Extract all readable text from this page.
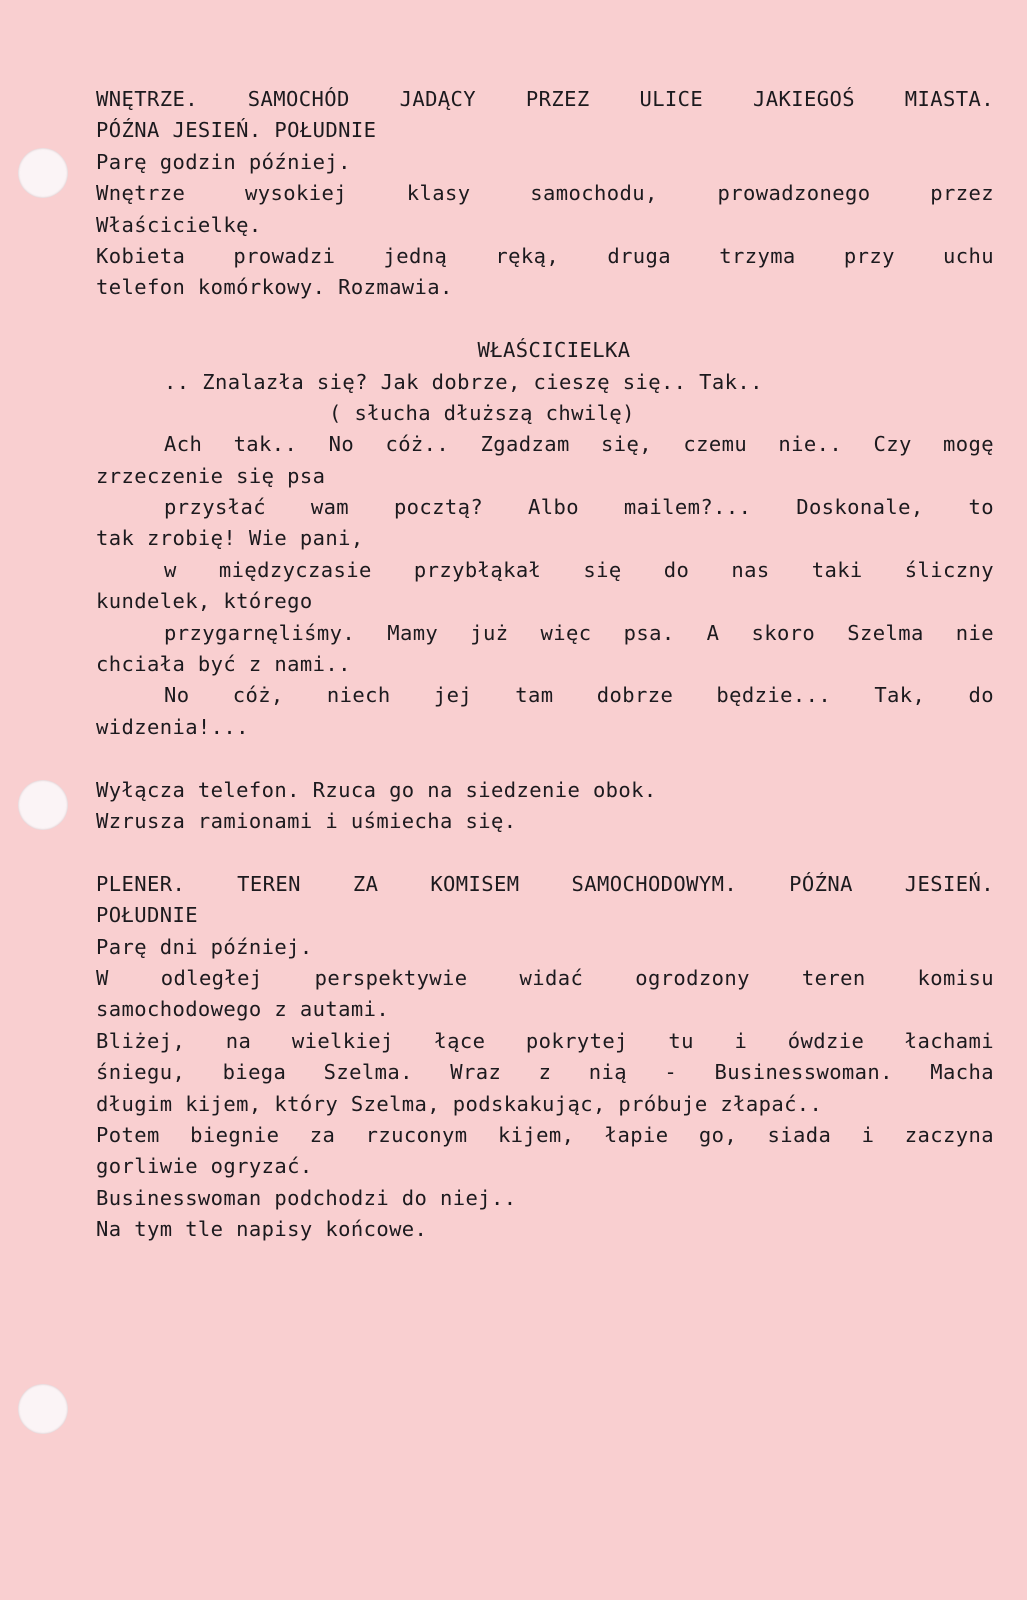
WNĘTRZE. SAMOCHÓD JADĄCY PRZEZ ULICE JAKIEGOŚ MIASTA.
PÓŹNA JESIEŃ. POŁUDNIE
Parę godzin później.
Wnętrze wysokiej klasy samochodu, prowadzonego przez
Właścicielkę.
Kobieta prowadzi jedną ręką, druga trzyma przy uchu
telefon komórkowy. Rozmawia.
WŁAŚCICIELKA
.. Znalazła się? Jak dobrze, cieszę się.. Tak..
( słucha dłuższą chwilę)
Ach tak.. No cóż.. Zgadzam się, czemu nie.. Czy mogę
zrzeczenie się psa
przysłać wam pocztą? Albo mailem?... Doskonale, to
tak zrobię! Wie pani,
w międzyczasie przybłąkał się do nas taki śliczny
kundelek, którego
przygarnęliśmy. Mamy już więc psa. A skoro Szelma nie
chciała być z nami..
No cóż, niech jej tam dobrze będzie... Tak, do
widzenia!...
Wyłącza telefon. Rzuca go na siedzenie obok.
Wzrusza ramionami i uśmiecha się.
PLENER. TEREN ZA KOMISEM SAMOCHODOWYM. PÓŹNA JESIEŃ.
POŁUDNIE
Parę dni później.
W odległej perspektywie widać ogrodzony teren komisu
samochodowego z autami.
Bliżej, na wielkiej łące pokrytej tu i ówdzie łachami
śniegu, biega Szelma. Wraz z nią - Businesswoman. Macha
długim kijem, który Szelma, podskakując, próbuje złapać..
Potem biegnie za rzuconym kijem, łapie go, siada i zaczyna
gorliwie ogryzać.
Businesswoman podchodzi do niej..
Na tym tle napisy końcowe.
